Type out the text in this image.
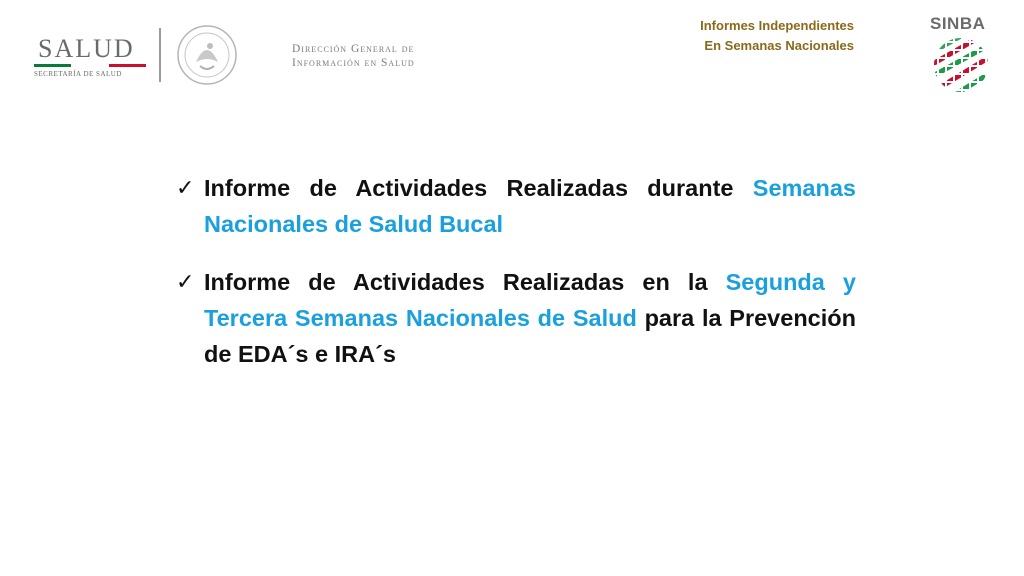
SALUD
SECRETARÍA DE SALUD
Dirección General de
Información en Salud
Informes Independientes
En Semanas Nacionales
SINBA
✓ Informe de Actividades Realizadas durante Semanas Nacionales de Salud Bucal
✓ Informe de Actividades Realizadas en la Segunda y Tercera Semanas Nacionales de Salud para la Prevención de EDA´s e IRA´s
